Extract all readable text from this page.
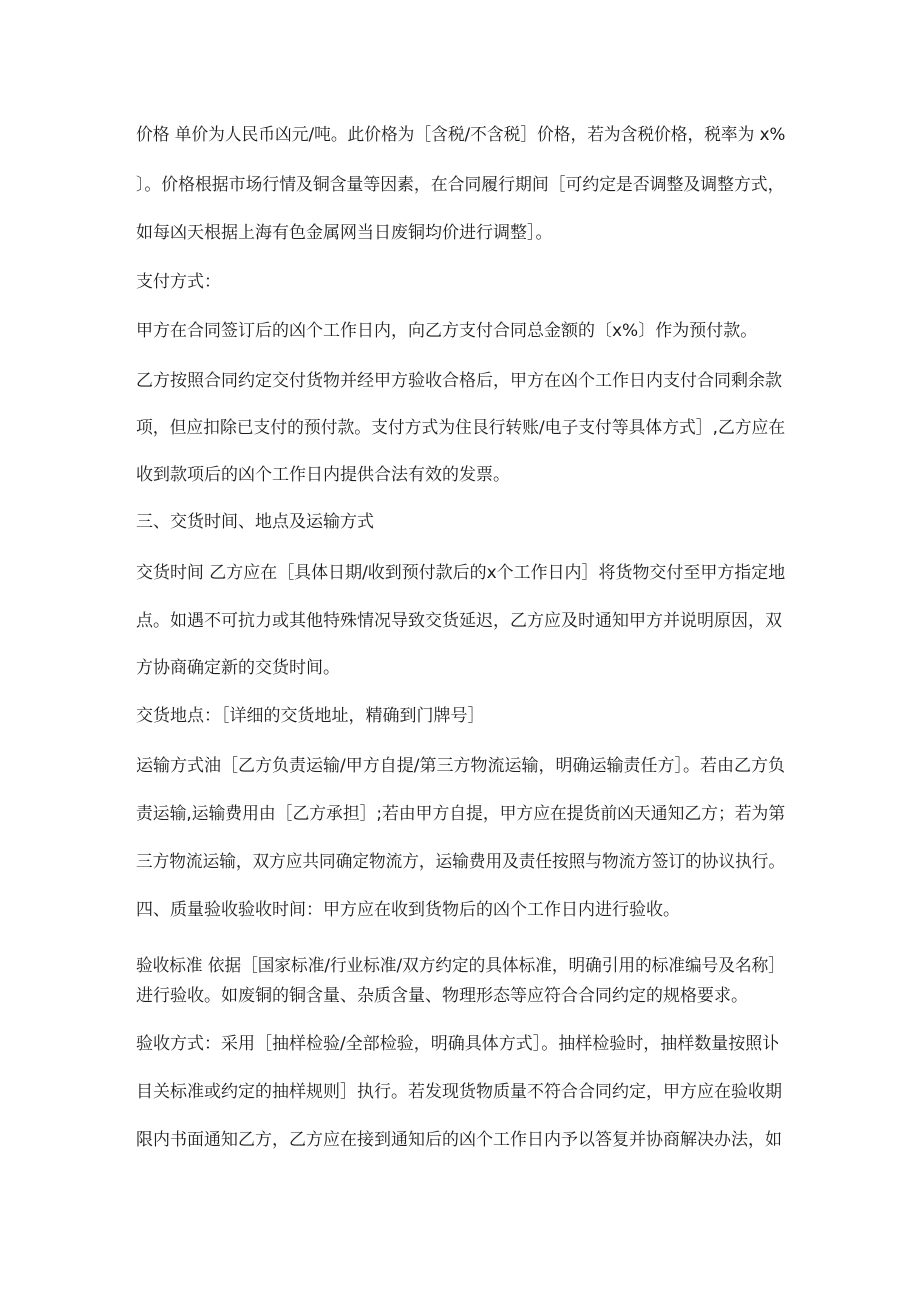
价格 单价为人民币凶元/吨。此价格为［含税/不含税］价格，若为含税价格，税率为 x%

〕。价格根据市场行情及铜含量等因素，在合同履行期间［可约定是否调整及调整方式，

如每凶天根据上海有色金属网当日废铜均价进行调整］。

支付方式：

甲方在合同签订后的凶个工作日内，向乙方支付合同总金额的〔x%〕作为预付款。

乙方按照合同约定交付货物并经甲方验收合格后，甲方在凶个工作日内支付合同剩余款

项，但应扣除已支付的预付款。支付方式为住艮行转账/电子支付等具体方式］,乙方应在

收到款项后的凶个工作日内提供合法有效的发票。

三、交货时间、地点及运输方式

交货时间 乙方应在［具体日期/收到预付款后的x个工作日内］将货物交付至甲方指定地

点。如遇不可抗力或其他特殊情况导致交货延迟，乙方应及时通知甲方并说明原因，双

方协商确定新的交货时间。

交货地点：［详细的交货地址，精确到门牌号］

运输方式油［乙方负责运输/甲方自提/第三方物流运输，明确运输责任方］。若由乙方负

责运输,运输费用由［乙方承担］;若由甲方自提，甲方应在提货前凶天通知乙方；若为第

三方物流运输，双方应共同确定物流方，运输费用及责任按照与物流方签订的协议执行。

四、质量验收验收时间：甲方应在收到货物后的凶个工作日内进行验收。

验收标准 依据［国家标准/行业标准/双方约定的具体标准，明确引用的标准编号及名称］

进行验收。如废铜的铜含量、杂质含量、物理形态等应符合合同约定的规格要求。

验收方式：采用［抽样检验/全部检验，明确具体方式］。抽样检验时，抽样数量按照讣

目关标准或约定的抽样规则］执行。若发现货物质量不符合合同约定，甲方应在验收期

限内书面通知乙方，乙方应在接到通知后的凶个工作日内予以答复并协商解决办法，如
